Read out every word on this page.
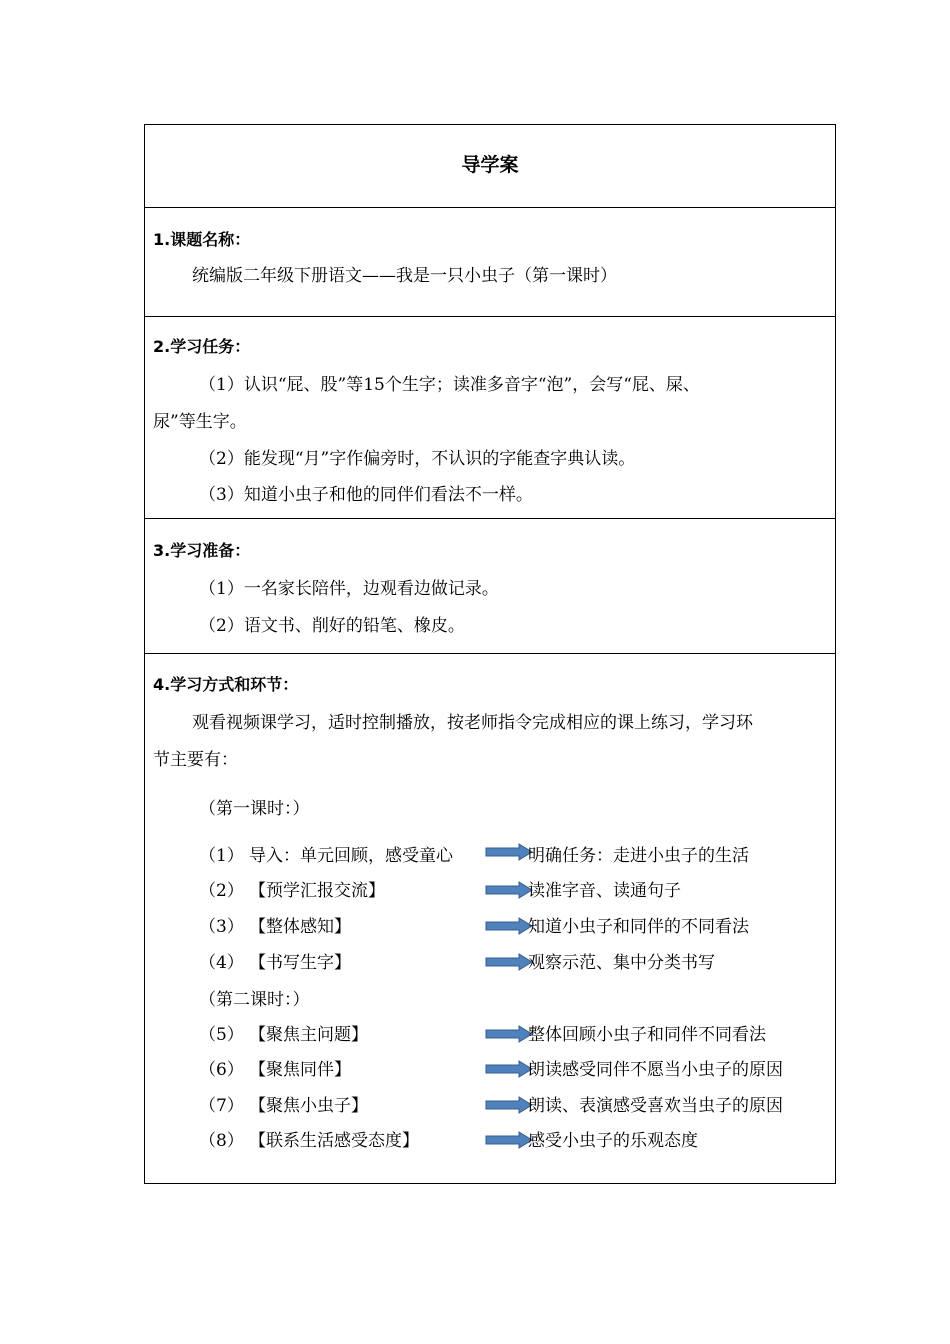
导学案
1.课题名称：
统编版二年级下册语文——我是一只小虫子（第一课时）
2.学习任务：
（1）认识“屁、股”等15个生字；读准多音字“泡”，会写“屁、屎、
尿”等生字。
（2）能发现“月”字作偏旁时，不认识的字能查字典认读。
（3）知道小虫子和他的同伴们看法不一样。
3.学习准备：
（1）一名家长陪伴，边观看边做记录。
（2）语文书、削好的铅笔、橡皮。
4.学习方式和环节：
观看视频课学习，适时控制播放，按老师指令完成相应的课上练习，学习环
节主要有：
（第一课时：）
（1） 导入：单元回顾，感受童心	明确任务：走进小虫子的生活
（2） 【预学汇报交流】	读准字音、读通句子
（3） 【整体感知】	知道小虫子和同伴的不同看法
（4） 【书写生字】	观察示范、集中分类书写
（第二课时：）
（5） 【聚焦主问题】	整体回顾小虫子和同伴不同看法
（6） 【聚焦同伴】	朗读感受同伴不愿当小虫子的原因
（7） 【聚焦小虫子】	朗读、表演感受喜欢当虫子的原因
（8） 【联系生活感受态度】	感受小虫子的乐观态度
